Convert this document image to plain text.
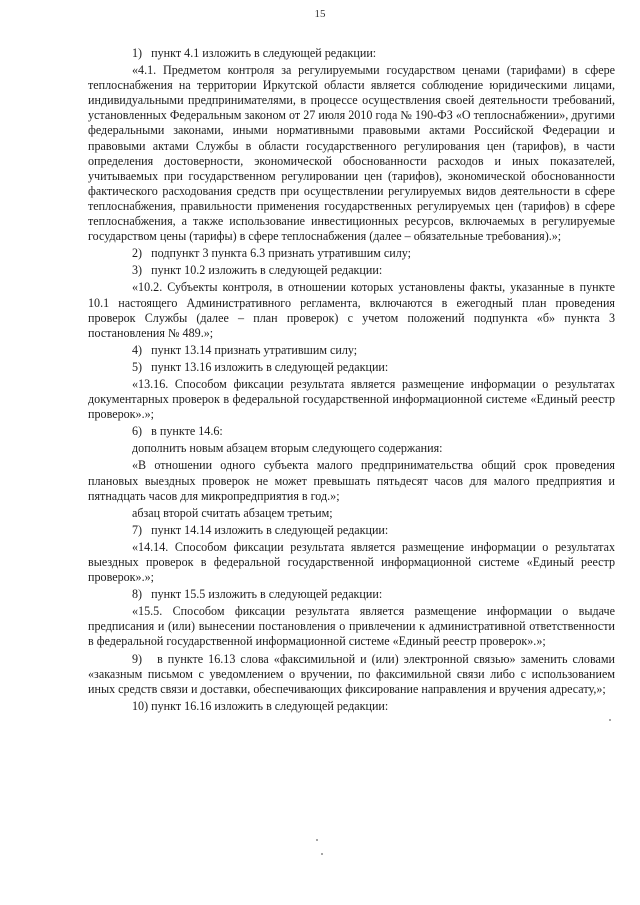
15

1)   пункт 4.1 изложить в следующей редакции:

«4.1. Предметом контроля за регулируемыми государством ценами (тарифами) в сфере теплоснабжения на территории Иркутской области является соблюдение юридическими лицами, индивидуальными предпринимателями, в процессе осуществления своей деятельности требований, установленных Федеральным законом от 27 июля 2010 года № 190-ФЗ «О теплоснабжении», другими федеральными законами, иными нормативными правовыми актами Российской Федерации и правовыми актами Службы в области государственного регулирования цен (тарифов), в части определения достоверности, экономической обоснованности расходов и иных показателей, учитываемых при государственном регулировании цен (тарифов), экономической обоснованности фактического расходования средств при осуществлении регулируемых видов деятельности в сфере теплоснабжения, правильности применения государственных регулируемых цен (тарифов) в сфере теплоснабжения, а также использование инвестиционных ресурсов, включаемых в регулируемые государством цены (тарифы) в сфере теплоснабжения (далее – обязательные требования).»;

2)   подпункт 3 пункта 6.3 признать утратившим силу;

3)   пункт 10.2 изложить в следующей редакции:

«10.2. Субъекты контроля, в отношении которых установлены факты, указанные в пункте 10.1 настоящего Административного регламента, включаются в ежегодный план проведения проверок Службы (далее – план проверок) с учетом положений подпункта «б» пункта 3 постановления № 489.»;

4)   пункт 13.14 признать утратившим силу;

5)   пункт 13.16 изложить в следующей редакции:

«13.16. Способом фиксации результата является размещение информации о результатах документарных проверок в федеральной государственной информационной системе «Единый реестр проверок».»;

6)   в пункте 14.6:

дополнить новым абзацем вторым следующего содержания:

«В отношении одного субъекта малого предпринимательства общий срок проведения плановых выездных проверок не может превышать пятьдесят часов для малого предприятия и пятнадцать часов для микропредприятия в год.»;

абзац второй считать абзацем третьим;

7)   пункт 14.14 изложить в следующей редакции:

«14.14. Способом фиксации результата является размещение информации о результатах выездных проверок в федеральной государственной информационной системе «Единый реестр проверок».»;

8)   пункт 15.5 изложить в следующей редакции:

«15.5. Способом фиксации результата является размещение информации о выдаче предписания и (или) вынесении постановления о привлечении к административной ответственности в федеральной государственной информационной системе «Единый реестр проверок».»;

9)   в пункте 16.13 слова «факсимильной и (или) электронной связью» заменить словами «заказным письмом с уведомлением о вручении, по факсимильной связи либо с использованием иных средств связи и доставки, обеспечивающих фиксирование направления и вручения адресату,»;

10) пункт 16.16 изложить в следующей редакции:
